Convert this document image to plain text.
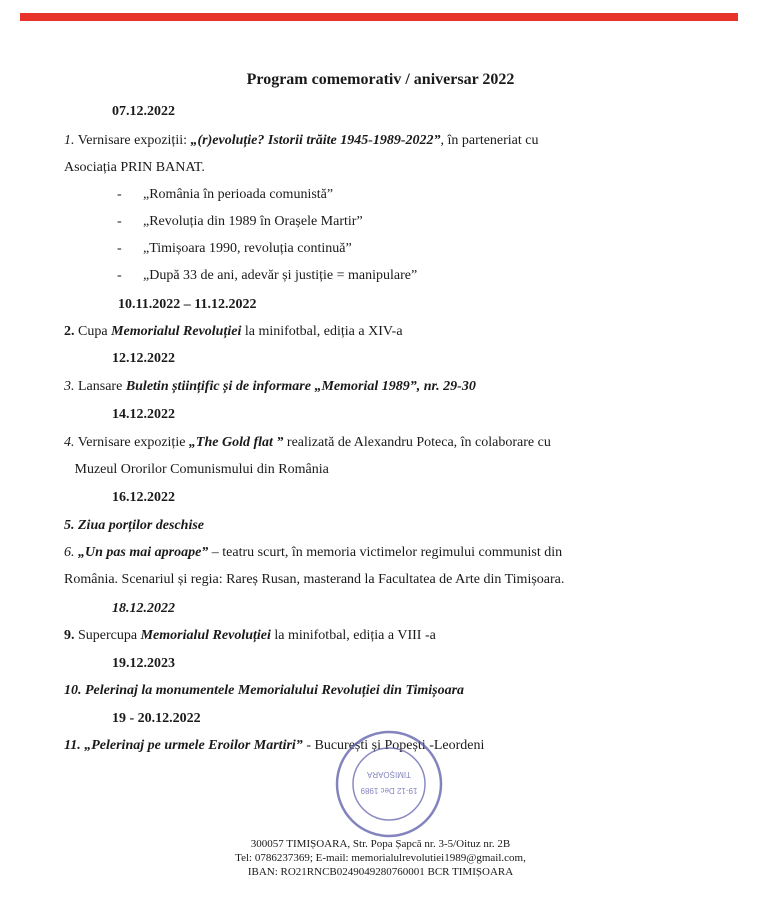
Program comemorativ / aniversar 2022
07.12.2022
1. Vernisare expoziții: „(r)evoluție? Istorii trăite 1945-1989-2022”, în parteneriat cu
Asociația PRIN BANAT.
- „România în perioada comunistă”
- „Revoluția din 1989 în Orașele Martir”
- „Timișoara 1990, revoluția continuă”
- „După 33 de ani, adevăr și justiție = manipulare”
10.11.2022 – 11.12.2022
2. Cupa Memorialul Revoluției la minifotbal, ediția a XIV-a
12.12.2022
3. Lansare Buletin științific și de informare „Memorial 1989”, nr. 29-30
14.12.2022
4. Vernisare expoziție „The Gold flat ” realizată de Alexandru Poteca, în colaborare cu
Muzeul Ororilor Comunismului din România
16.12.2022
5. Ziua porților deschise
6. „Un pas mai aproape” – teatru scurt, în memoria victimelor regimului communist din
România. Scenariul și regia: Rareș Rusan, masterand la Facultatea de Arte din Timișoara.
18.12.2022
9. Supercupa Memorialul Revoluției la minifotbal, ediția a VIII -a
19.12.2023
10. Pelerinaj la monumentele Memorialului Revoluției din Timișoara
19 - 20.12.2022
11. „Pelerinaj pe urmele Eroilor Martiri” - București și Popești -Leordeni
TIMIȘOARA
19-12 Dec 1989
300057 TIMIȘOARA, Str. Popa Șapcă nr. 3-5/Oituz nr. 2B
Tel: 0786237369; E-mail: memorialulrevolutiei1989@gmail.com,
IBAN: RO21RNCB0249049280760001 BCR TIMIȘOARA
